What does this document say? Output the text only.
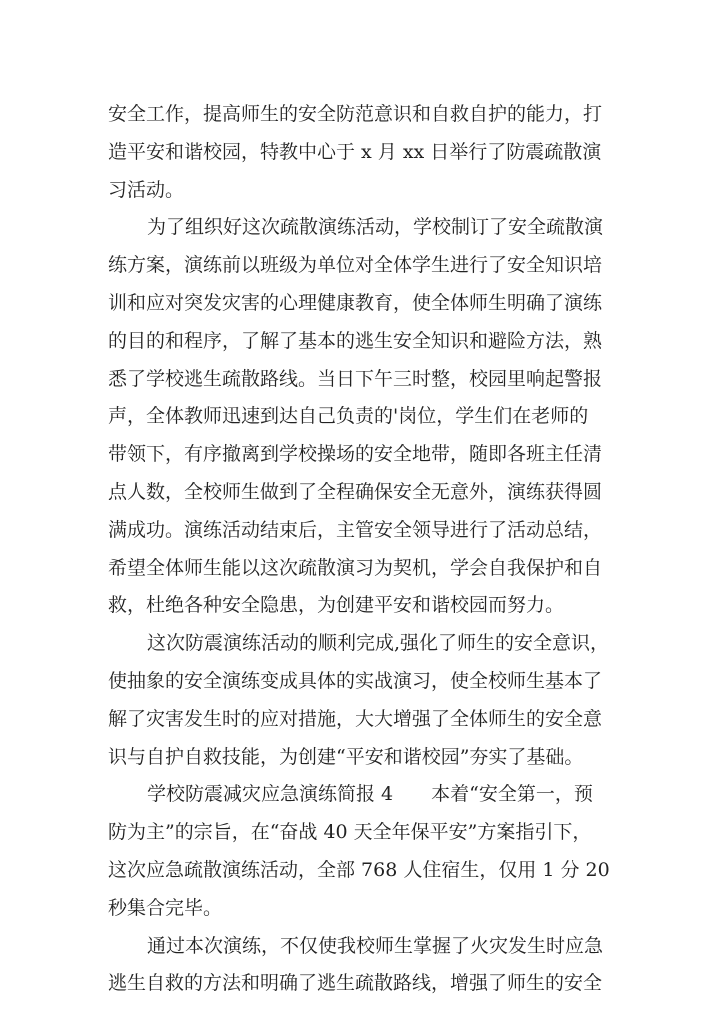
安全工作，提高师生的安全防范意识和自救自护的能力，打
造平安和谐校园，特教中心于 x 月 xx 日举行了防震疏散演
习活动。
为了组织好这次疏散演练活动，学校制订了安全疏散演
练方案，演练前以班级为单位对全体学生进行了安全知识培
训和应对突发灾害的心理健康教育，使全体师生明确了演练
的目的和程序，了解了基本的逃生安全知识和避险方法，熟
悉了学校逃生疏散路线。当日下午三时整，校园里响起警报
声，全体教师迅速到达自己负责的'岗位，学生们在老师的
带领下，有序撤离到学校操场的安全地带，随即各班主任清
点人数，全校师生做到了全程确保安全无意外，演练获得圆
满成功。演练活动结束后，主管安全领导进行了活动总结，
希望全体师生能以这次疏散演习为契机，学会自我保护和自
救，杜绝各种安全隐患，为创建平安和谐校园而努力。
这次防震演练活动的顺利完成,强化了师生的安全意识，
使抽象的安全演练变成具体的实战演习，使全校师生基本了
解了灾害发生时的应对措施，大大增强了全体师生的安全意
识与自护自救技能，为创建“平安和谐校园”夯实了基础。
学校防震减灾应急演练简报 4　　本着“安全第一，预
防为主”的宗旨，在“奋战 40 天全年保平安”方案指引下，
这次应急疏散演练活动，全部 768 人住宿生，仅用 1 分 20
秒集合完毕。
通过本次演练，不仅使我校师生掌握了火灾发生时应急
逃生自救的方法和明确了逃生疏散路线，增强了师生的安全
